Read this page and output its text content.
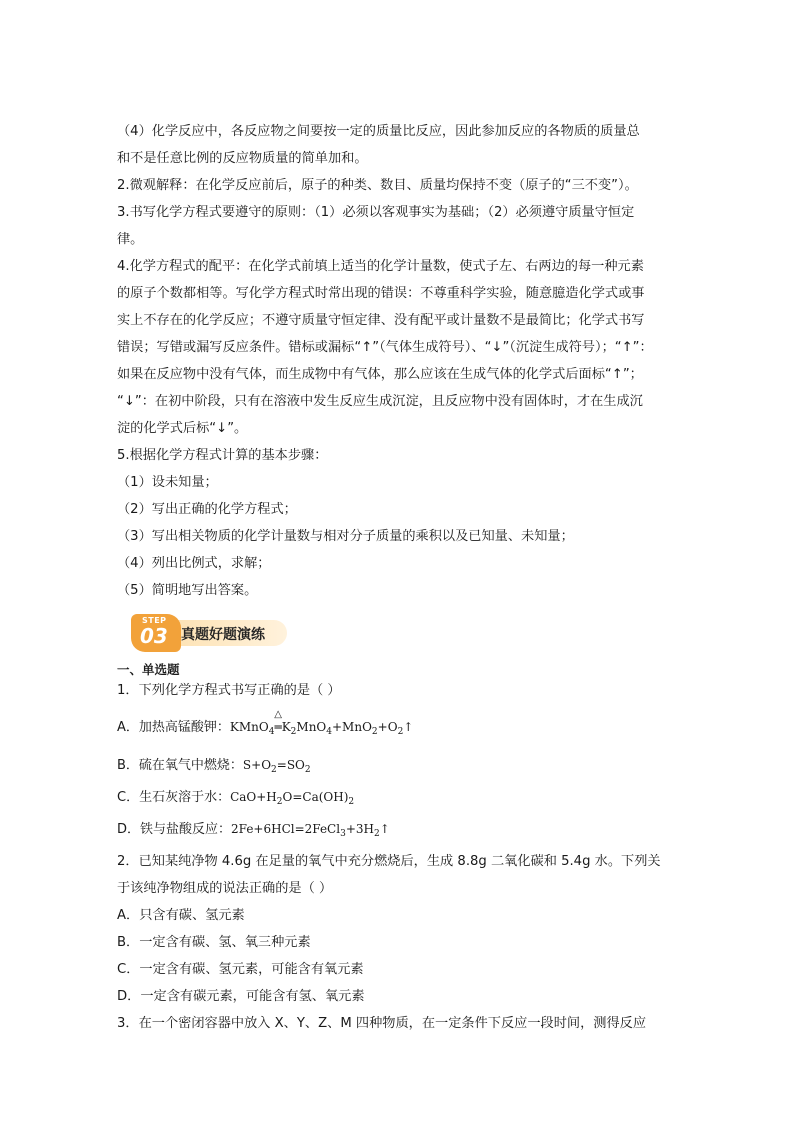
（4）化学反应中，各反应物之间要按一定的质量比反应，因此参加反应的各物质的质量总

和不是任意比例的反应物质量的简单加和。

2.微观解释：在化学反应前后，原子的种类、数目、质量均保持不变（原子的“三不变”）。

3.书写化学方程式要遵守的原则：（1）必须以客观事实为基础；（2）必须遵守质量守恒定

律。

4.化学方程式的配平：在化学式前填上适当的化学计量数，使式子左、右两边的每一种元素

的原子个数都相等。写化学方程式时常出现的错误：不尊重科学实验，随意臆造化学式或事

实上不存在的化学反应；不遵守质量守恒定律、没有配平或计量数不是最简比；化学式书写

错误；写错或漏写反应条件。错标或漏标“↑”（气体生成符号）、“↓”（沉淀生成符号）；“↑”：

如果在反应物中没有气体，而生成物中有气体，那么应该在生成气体的化学式后面标“↑”；

“↓”：在初中阶段，只有在溶液中发生反应生成沉淀，且反应物中没有固体时，才在生成沉

淀的化学式后标“↓”。

5.根据化学方程式计算的基本步骤：

（1）设未知量；

（2）写出正确的化学方程式；

（3）写出相关物质的化学计量数与相对分子质量的乘积以及已知量、未知量；

（4）列出比例式，求解；

（5）简明地写出答案。

STEP
03 真题好题演练

一、单选题

1．下列化学方程式书写正确的是（ ）

A．加热高锰酸钾：KMnO$_4$
△
$═K_2MnO_4+MnO_2+O_2↑$

B．硫在氧气中燃烧：$S+O_2=SO_2$

C．生石灰溶于水：$CaO+H_2O=Ca(OH)_2$

D．铁与盐酸反应：$2Fe+6HCl=2FeCl_3+3H_2↑$

2．已知某纯净物 4.6g 在足量的氧气中充分燃烧后，生成 8.8g 二氧化碳和 5.4g 水。下列关

于该纯净物组成的说法正确的是（ ）

A．只含有碳、氢元素

B．一定含有碳、氢、氧三种元素

C．一定含有碳、氢元素，可能含有氧元素

D．一定含有碳元素，可能含有氢、氧元素

3．在一个密闭容器中放入 X、Y、Z、M 四种物质，在一定条件下反应一段时间，测得反应
